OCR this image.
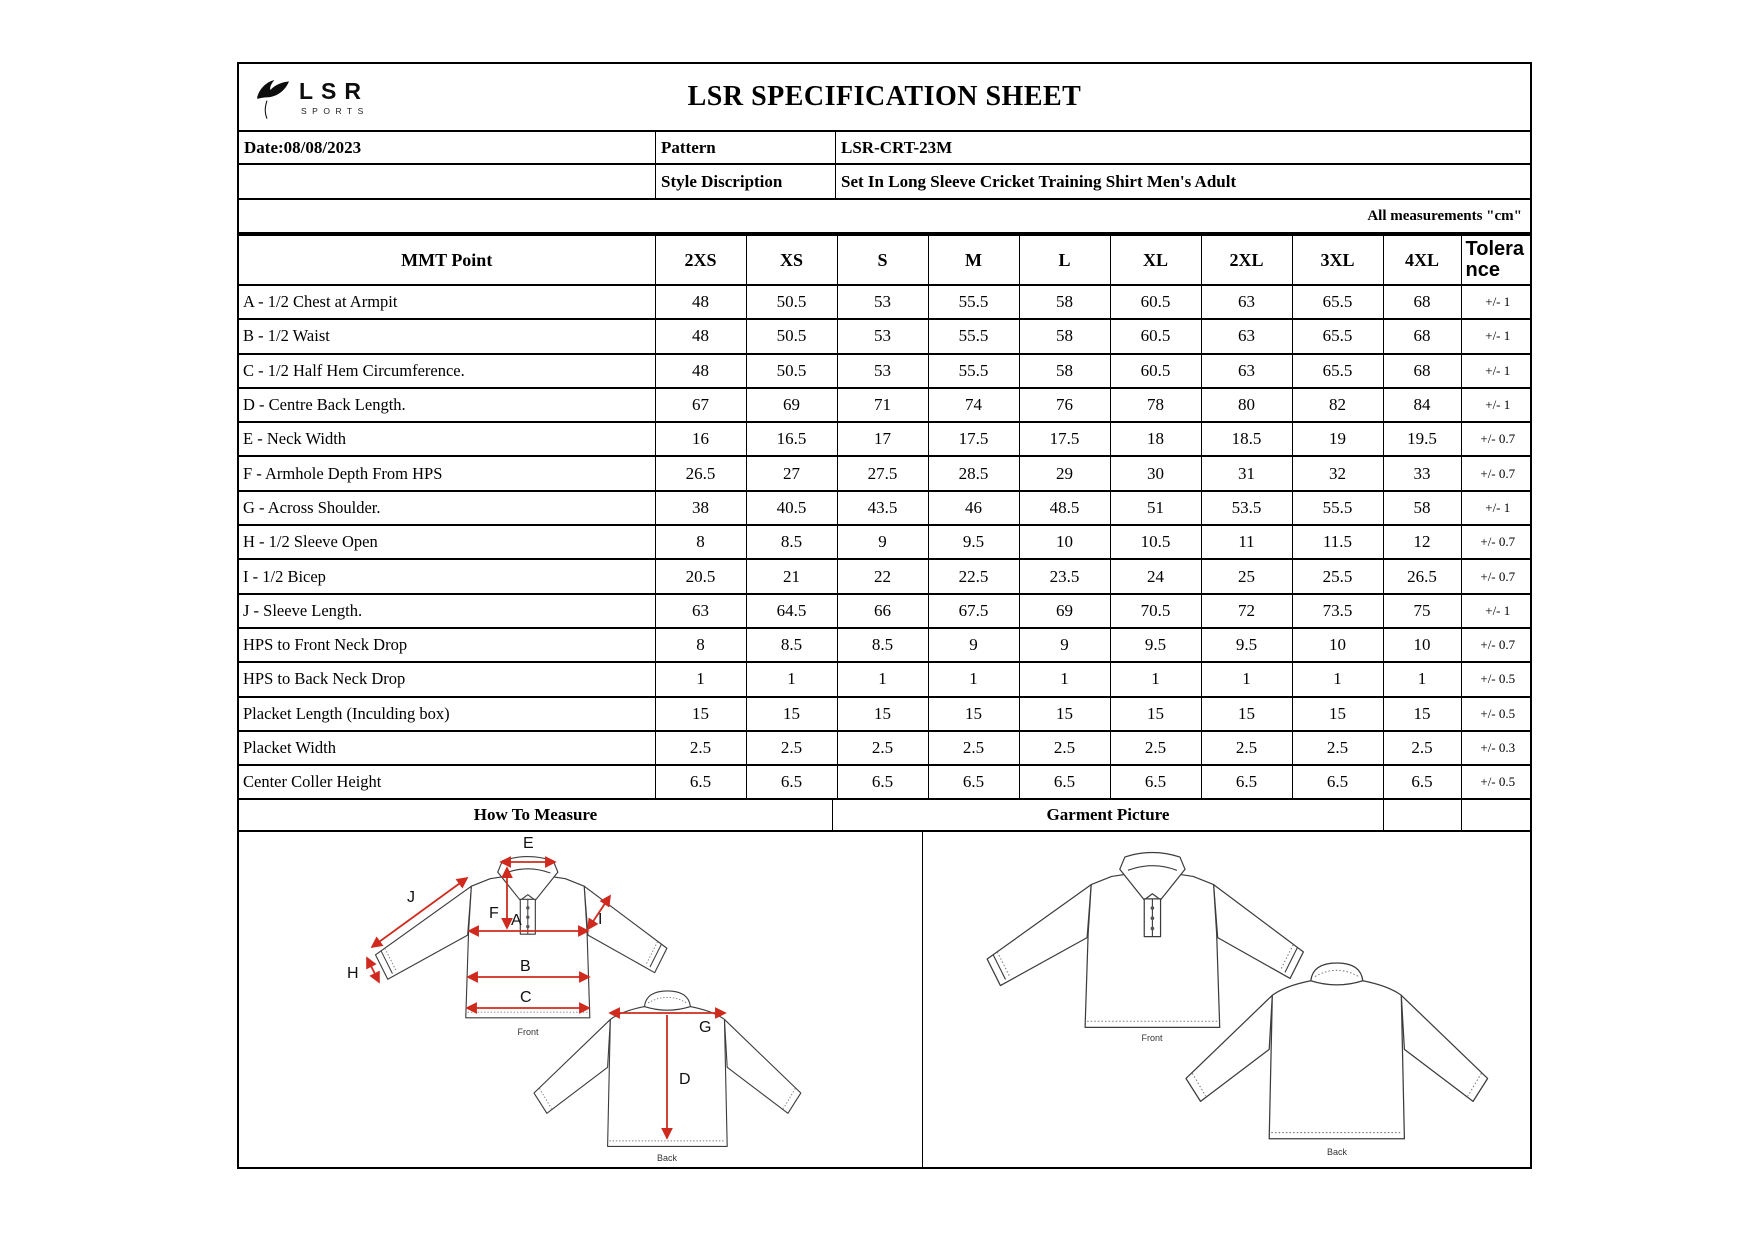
LSR
SPORTS	LSR SPECIFICATION SHEET
Date:08/08/2023	Pattern	LSR-CRT-23M
Style Discription	Set In Long Sleeve Cricket Training Shirt Men's Adult
All measurements "cm"
MMT Point	2XS	XS	S	M	L	XL	2XL	3XL	4XL	Tolerance
A - 1/2 Chest at Armpit	48	50.5	53	55.5	58	60.5	63	65.5	68	+/- 1
B - 1/2 Waist	48	50.5	53	55.5	58	60.5	63	65.5	68	+/- 1
C - 1/2 Half Hem Circumference.	48	50.5	53	55.5	58	60.5	63	65.5	68	+/- 1
D - Centre Back Length.	67	69	71	74	76	78	80	82	84	+/- 1
E - Neck Width	16	16.5	17	17.5	17.5	18	18.5	19	19.5	+/- 0.7
F - Armhole Depth From HPS	26.5	27	27.5	28.5	29	30	31	32	33	+/- 0.7
G - Across Shoulder.	38	40.5	43.5	46	48.5	51	53.5	55.5	58	+/- 1
H - 1/2 Sleeve Open	8	8.5	9	9.5	10	10.5	11	11.5	12	+/- 0.7
I - 1/2 Bicep	20.5	21	22	22.5	23.5	24	25	25.5	26.5	+/- 0.7
J - Sleeve Length.	63	64.5	66	67.5	69	70.5	72	73.5	75	+/- 1
HPS to Front Neck Drop	8	8.5	8.5	9	9	9.5	9.5	10	10	+/- 0.7
HPS to Back Neck Drop	1	1	1	1	1	1	1	1	1	+/- 0.5
Placket Length (Inculding box)	15	15	15	15	15	15	15	15	15	+/- 0.5
Placket Width	2.5	2.5	2.5	2.5	2.5	2.5	2.5	2.5	2.5	+/- 0.3
Center Coller Height	6.5	6.5	6.5	6.5	6.5	6.5	6.5	6.5	6.5	+/- 0.5
How To Measure	Garment Picture
E
F A
B
C
I
J
H
Front	G
D
Back
Front
Back
